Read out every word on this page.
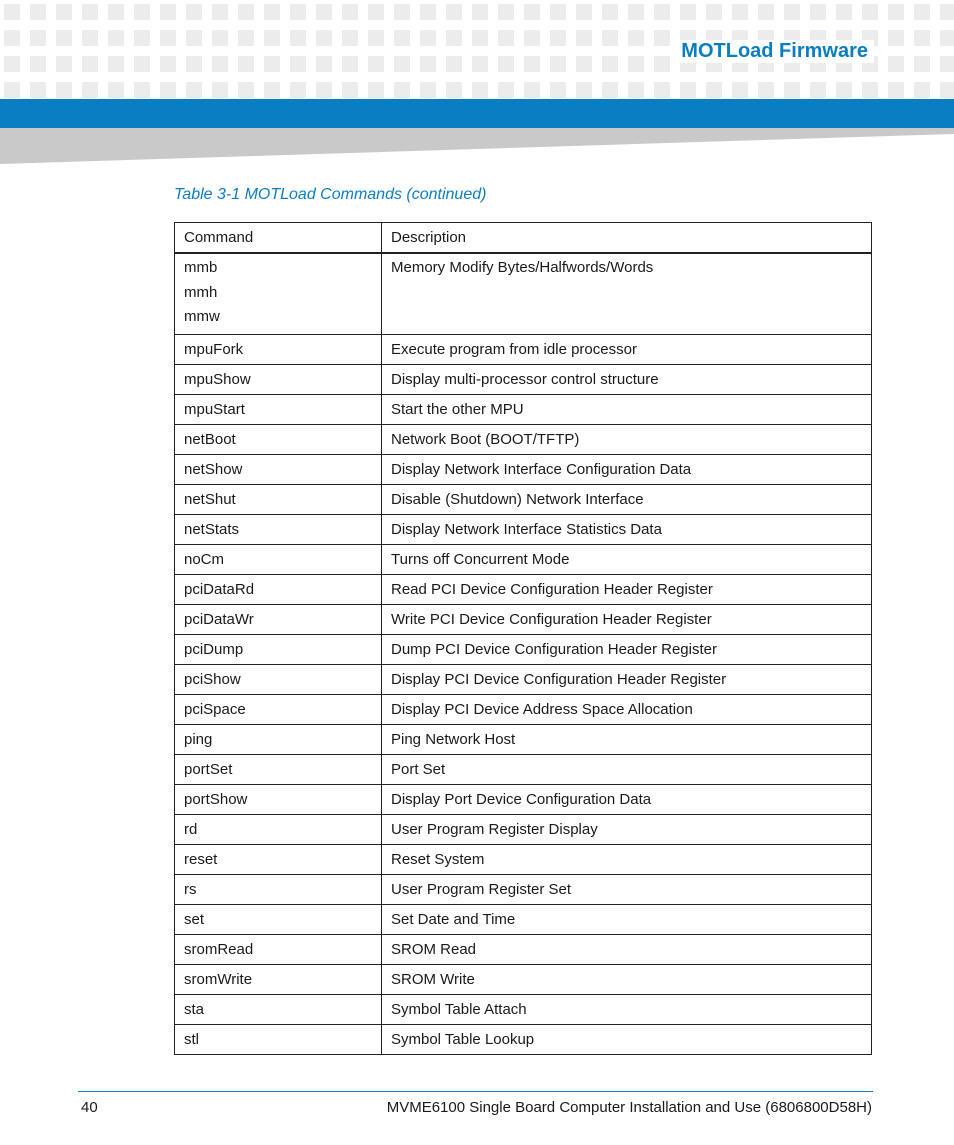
MOTLoad Firmware
Table 3-1 MOTLoad Commands (continued)
Command	Description

mmb
mmh
mmw	Memory Modify Bytes/Halfwords/Words

mpuFork	Execute program from idle processor
mpuShow	Display multi-processor control structure
mpuStart	Start the other MPU
netBoot	Network Boot (BOOT/TFTP)
netShow	Display Network Interface Configuration Data
netShut	Disable (Shutdown) Network Interface
netStats	Display Network Interface Statistics Data
noCm	Turns off Concurrent Mode
pciDataRd	Read PCI Device Configuration Header Register
pciDataWr	Write PCI Device Configuration Header Register
pciDump	Dump PCI Device Configuration Header Register
pciShow	Display PCI Device Configuration Header Register
pciSpace	Display PCI Device Address Space Allocation
ping	Ping Network Host
portSet	Port Set
portShow	Display Port Device Configuration Data
rd	User Program Register Display
reset	Reset System
rs	User Program Register Set
set	Set Date and Time
sromRead	SROM Read
sromWrite	SROM Write
sta	Symbol Table Attach
stl	Symbol Table Lookup
40	MVME6100 Single Board Computer Installation and Use (6806800D58H)
